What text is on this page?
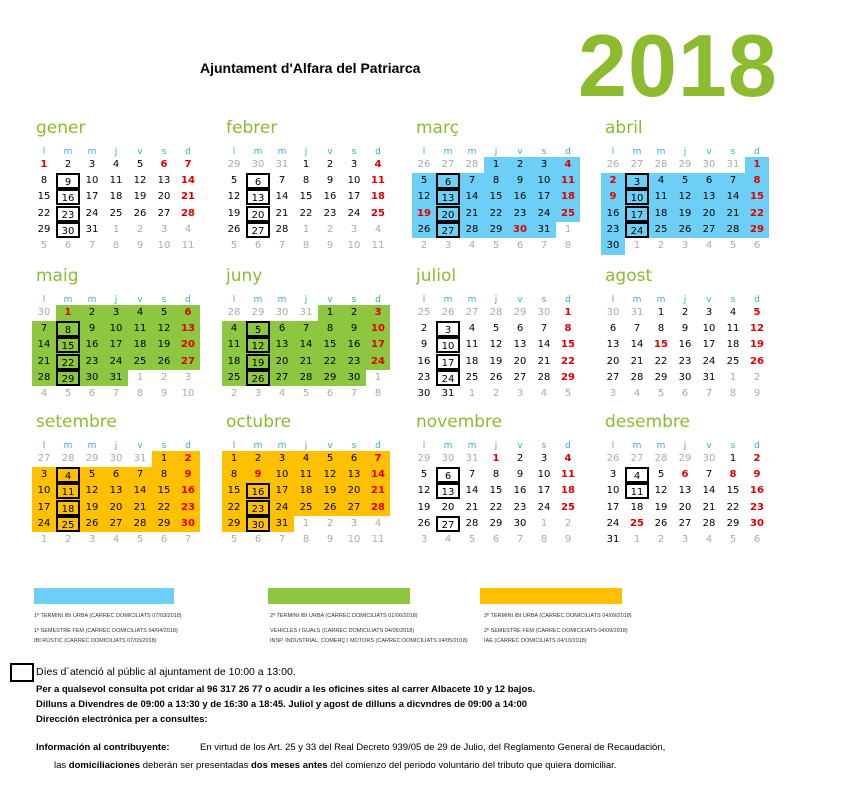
Ajuntament d'Alfara del Patriarca 2018
gener
l	m	m	j	v	s	d
1	2	3	4	5	6	7
8	9	10	11	12	13	14
15	16	17	18	19	20	21
22	23	24	25	26	27	28
29	30	31	1	2	3	4
5	6	7	8	9	10	11
febrer
l	m	m	j	v	s	d
29	30	31	1	2	3	4
5	6	7	8	9	10	11
12	13	14	15	16	17	18
19	20	21	22	23	24	25
26	27	28	1	2	3	4
5	6	7	8	9	10	11
març
l	m	m	j	v	s	d
26	27	28	1	2	3	4
5	6	7	8	9	10	11
12	13	14	15	16	17	18
19	20	21	22	23	24	25
26	27	28	29	30	31	1
2	3	4	5	6	7	8
abril
l	m	m	j	v	s	d
26	27	28	29	30	31	1
2	3	4	5	6	7	8
9	10	11	12	13	14	15
16	17	18	19	20	21	22
23	24	25	26	27	28	29
30	1	2	3	4	5	6
maig
l	m	m	j	v	s	d
30	1	2	3	4	5	6
7	8	9	10	11	12	13
14	15	16	17	18	19	20
21	22	23	24	25	26	27
28	29	30	31	1	2	3
4	5	6	7	8	9	10
juny
l	m	m	j	v	s	d
28	29	30	31	1	2	3
4	5	6	7	8	9	10
11	12	13	14	15	16	17
18	19	20	21	22	23	24
25	26	27	28	29	30	1
2	3	4	5	6	7	8
juliol
l	m	m	j	v	s	d
25	26	27	28	29	30	1
2	3	4	5	6	7	8
9	10	11	12	13	14	15
16	17	18	19	20	21	22
23	24	25	26	27	28	29
30	31	1	2	3	4	5
agost
l	m	m	j	v	s	d
30	31	1	2	3	4	5
6	7	8	9	10	11	12
13	14	15	16	17	18	19
20	21	22	23	24	25	26
27	28	29	30	31	1	2
3	4	5	6	7	8	9
setembre
l	m	m	j	v	s	d
27	28	29	30	31	1	2
3	4	5	6	7	8	9
10	11	12	13	14	15	16
17	18	19	20	21	22	23
24	25	26	27	28	29	30
1	2	3	4	5	6	7
octubre
l	m	m	j	v	s	d
1	2	3	4	5	6	7
8	9	10	11	12	13	14
15	16	17	18	19	20	21
22	23	24	25	26	27	28
29	30	31	1	2	3	4
5	6	7	8	9	10	11
novembre
l	m	m	j	v	s	d
29	30	31	1	2	3	4
5	6	7	8	9	10	11
12	13	14	15	16	17	18
19	20	21	22	23	24	25
26	27	28	29	30	1	2
3	4	5	6	7	8	9
desembre
l	m	m	j	v	s	d
26	27	28	29	30	1	2
3	4	5	6	7	8	9
10	11	12	13	14	15	16
17	18	19	20	21	22	23
24	25	26	27	28	29	30
31	1	2	3	4	5	6
1º TERMINI IBI URBA (CARREC DOMICILIATS 07/03/2018)
1º SEMESTRE FEM (CARREC DOMICILIATS 04/04/2018)
IBI RÚSTIC (CARREC DOMICILIATS 07/03/2018)
2º TERMINI IBI URBA (CARREC DOMICILIATS 01/06/2018)
VEHICLES I GUALS (CARREC DOMICILIATS 04/05/2018)
INSP. INDUSTRIAL, COMERÇ I MOTORS (CARREC DOMICILIATS 04/05/2018)
3º TERMINI IBI URBA (CARREC DOMICILIATS 04/09/2018)
2º SEMESTRE FEM (CARREC DOMICILIATS 04/09/2018)
IAE (CARREC DOMICILIATS 04/10/2018)
Díes d´atenció al públic al ajuntament de 10:00 a 13:00.
Per a qualsevol consulta pot cridar al 96 317 26 77 o acudir a les oficines sites al carrer Albacete 10 y 12 bajos.
Dilluns a Divendres de 09:00 a 13:30 y de 16:30 a 18:45. Juliol y agost de dilluns a dicvndres de 09:00 a 14:00
Dirección electrónica per a consultes:
Información al contribuyente:	En virtud de los Art. 25 y 33 del Real Decreto 939/05 de 29 de Julio, del Reglamento General de Recaudación,
las domiciliaciones deberán ser presentadas dos meses antes del comienzo del periodo voluntario del tributo que quiera domiciliar.
